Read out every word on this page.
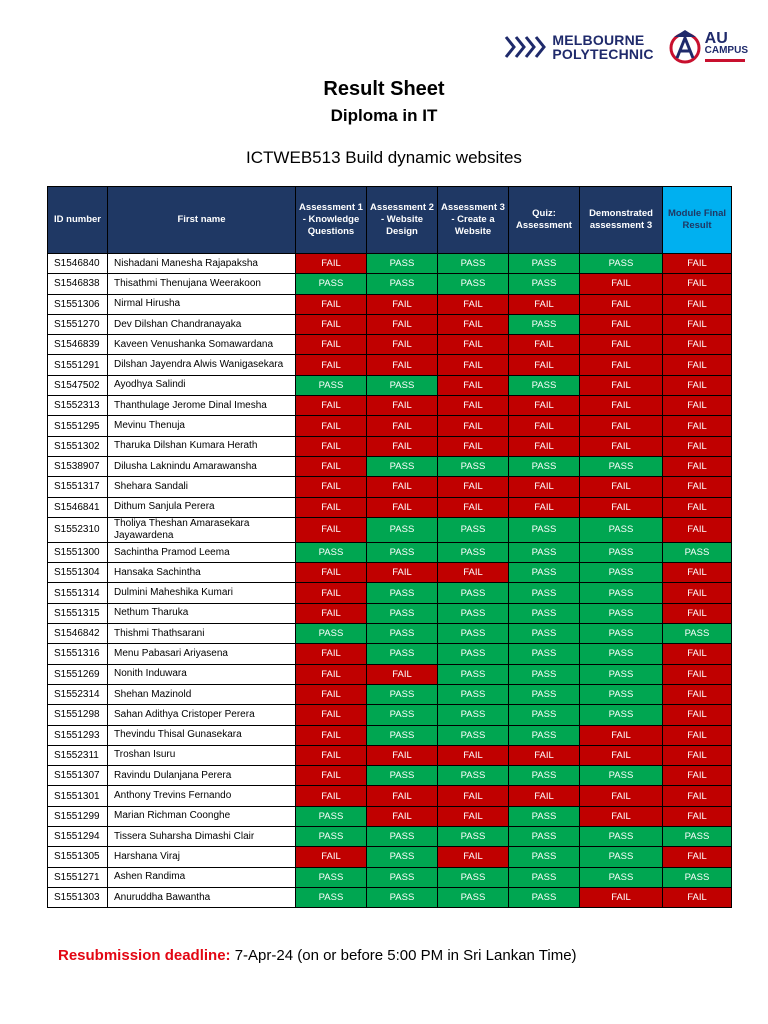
MELBOURNE
POLYTECHNIC
AU
CAMPUS
Result Sheet
Diploma in IT
ICTWEB513 Build dynamic websites
ID number	First name	Assessment 1 - Knowledge Questions	Assessment 2 - Website Design	Assessment 3 - Create a Website	Quiz: Assessment	Demonstrated assessment 3	Module Final Result
S1546840	Nishadani Manesha Rajapaksha	FAIL	PASS	PASS	PASS	PASS	FAIL
S1546838	Thisathmi Thenujana Weerakoon	PASS	PASS	PASS	PASS	FAIL	FAIL
S1551306	Nirmal Hirusha	FAIL	FAIL	FAIL	FAIL	FAIL	FAIL
S1551270	Dev Dilshan Chandranayaka	FAIL	FAIL	FAIL	PASS	FAIL	FAIL
S1546839	Kaveen Venushanka Somawardana	FAIL	FAIL	FAIL	FAIL	FAIL	FAIL
S1551291	Dilshan Jayendra Alwis Wanigasekara	FAIL	FAIL	FAIL	FAIL	FAIL	FAIL
S1547502	Ayodhya Salindi	PASS	PASS	FAIL	PASS	FAIL	FAIL
S1552313	Thanthulage Jerome Dinal Imesha	FAIL	FAIL	FAIL	FAIL	FAIL	FAIL
S1551295	Mevinu Thenuja	FAIL	FAIL	FAIL	FAIL	FAIL	FAIL
S1551302	Tharuka Dilshan Kumara Herath	FAIL	FAIL	FAIL	FAIL	FAIL	FAIL
S1538907	Dilusha Laknindu Amarawansha	FAIL	PASS	PASS	PASS	PASS	FAIL
S1551317	Shehara Sandali	FAIL	FAIL	FAIL	FAIL	FAIL	FAIL
S1546841	Dithum Sanjula Perera	FAIL	FAIL	FAIL	FAIL	FAIL	FAIL
S1552310	Tholiya Theshan Amarasekara Jayawardena	FAIL	PASS	PASS	PASS	PASS	FAIL
S1551300	Sachintha Pramod Leema	PASS	PASS	PASS	PASS	PASS	PASS
S1551304	Hansaka Sachintha	FAIL	FAIL	FAIL	PASS	PASS	FAIL
S1551314	Dulmini Maheshika Kumari	FAIL	PASS	PASS	PASS	PASS	FAIL
S1551315	Nethum Tharuka	FAIL	PASS	PASS	PASS	PASS	FAIL
S1546842	Thishmi Thathsarani	PASS	PASS	PASS	PASS	PASS	PASS
S1551316	Menu Pabasari Ariyasena	FAIL	PASS	PASS	PASS	PASS	FAIL
S1551269	Nonith Induwara	FAIL	FAIL	PASS	PASS	PASS	FAIL
S1552314	Shehan Mazinold	FAIL	PASS	PASS	PASS	PASS	FAIL
S1551298	Sahan Adithya Cristoper Perera	FAIL	PASS	PASS	PASS	PASS	FAIL
S1551293	Thevindu Thisal Gunasekara	FAIL	PASS	PASS	PASS	FAIL	FAIL
S1552311	Troshan Isuru	FAIL	FAIL	FAIL	FAIL	FAIL	FAIL
S1551307	Ravindu Dulanjana Perera	FAIL	PASS	PASS	PASS	PASS	FAIL
S1551301	Anthony Trevins Fernando	FAIL	FAIL	FAIL	FAIL	FAIL	FAIL
S1551299	Marian Richman Coonghe	PASS	FAIL	FAIL	PASS	FAIL	FAIL
S1551294	Tissera Suharsha Dimashi Clair	PASS	PASS	PASS	PASS	PASS	PASS
S1551305	Harshana Viraj	FAIL	PASS	FAIL	PASS	PASS	FAIL
S1551271	Ashen Randima	PASS	PASS	PASS	PASS	PASS	PASS
S1551303	Anuruddha Bawantha	PASS	PASS	PASS	PASS	FAIL	FAIL
Resubmission deadline: 7-Apr-24 (on or before 5:00 PM in Sri Lankan Time)
